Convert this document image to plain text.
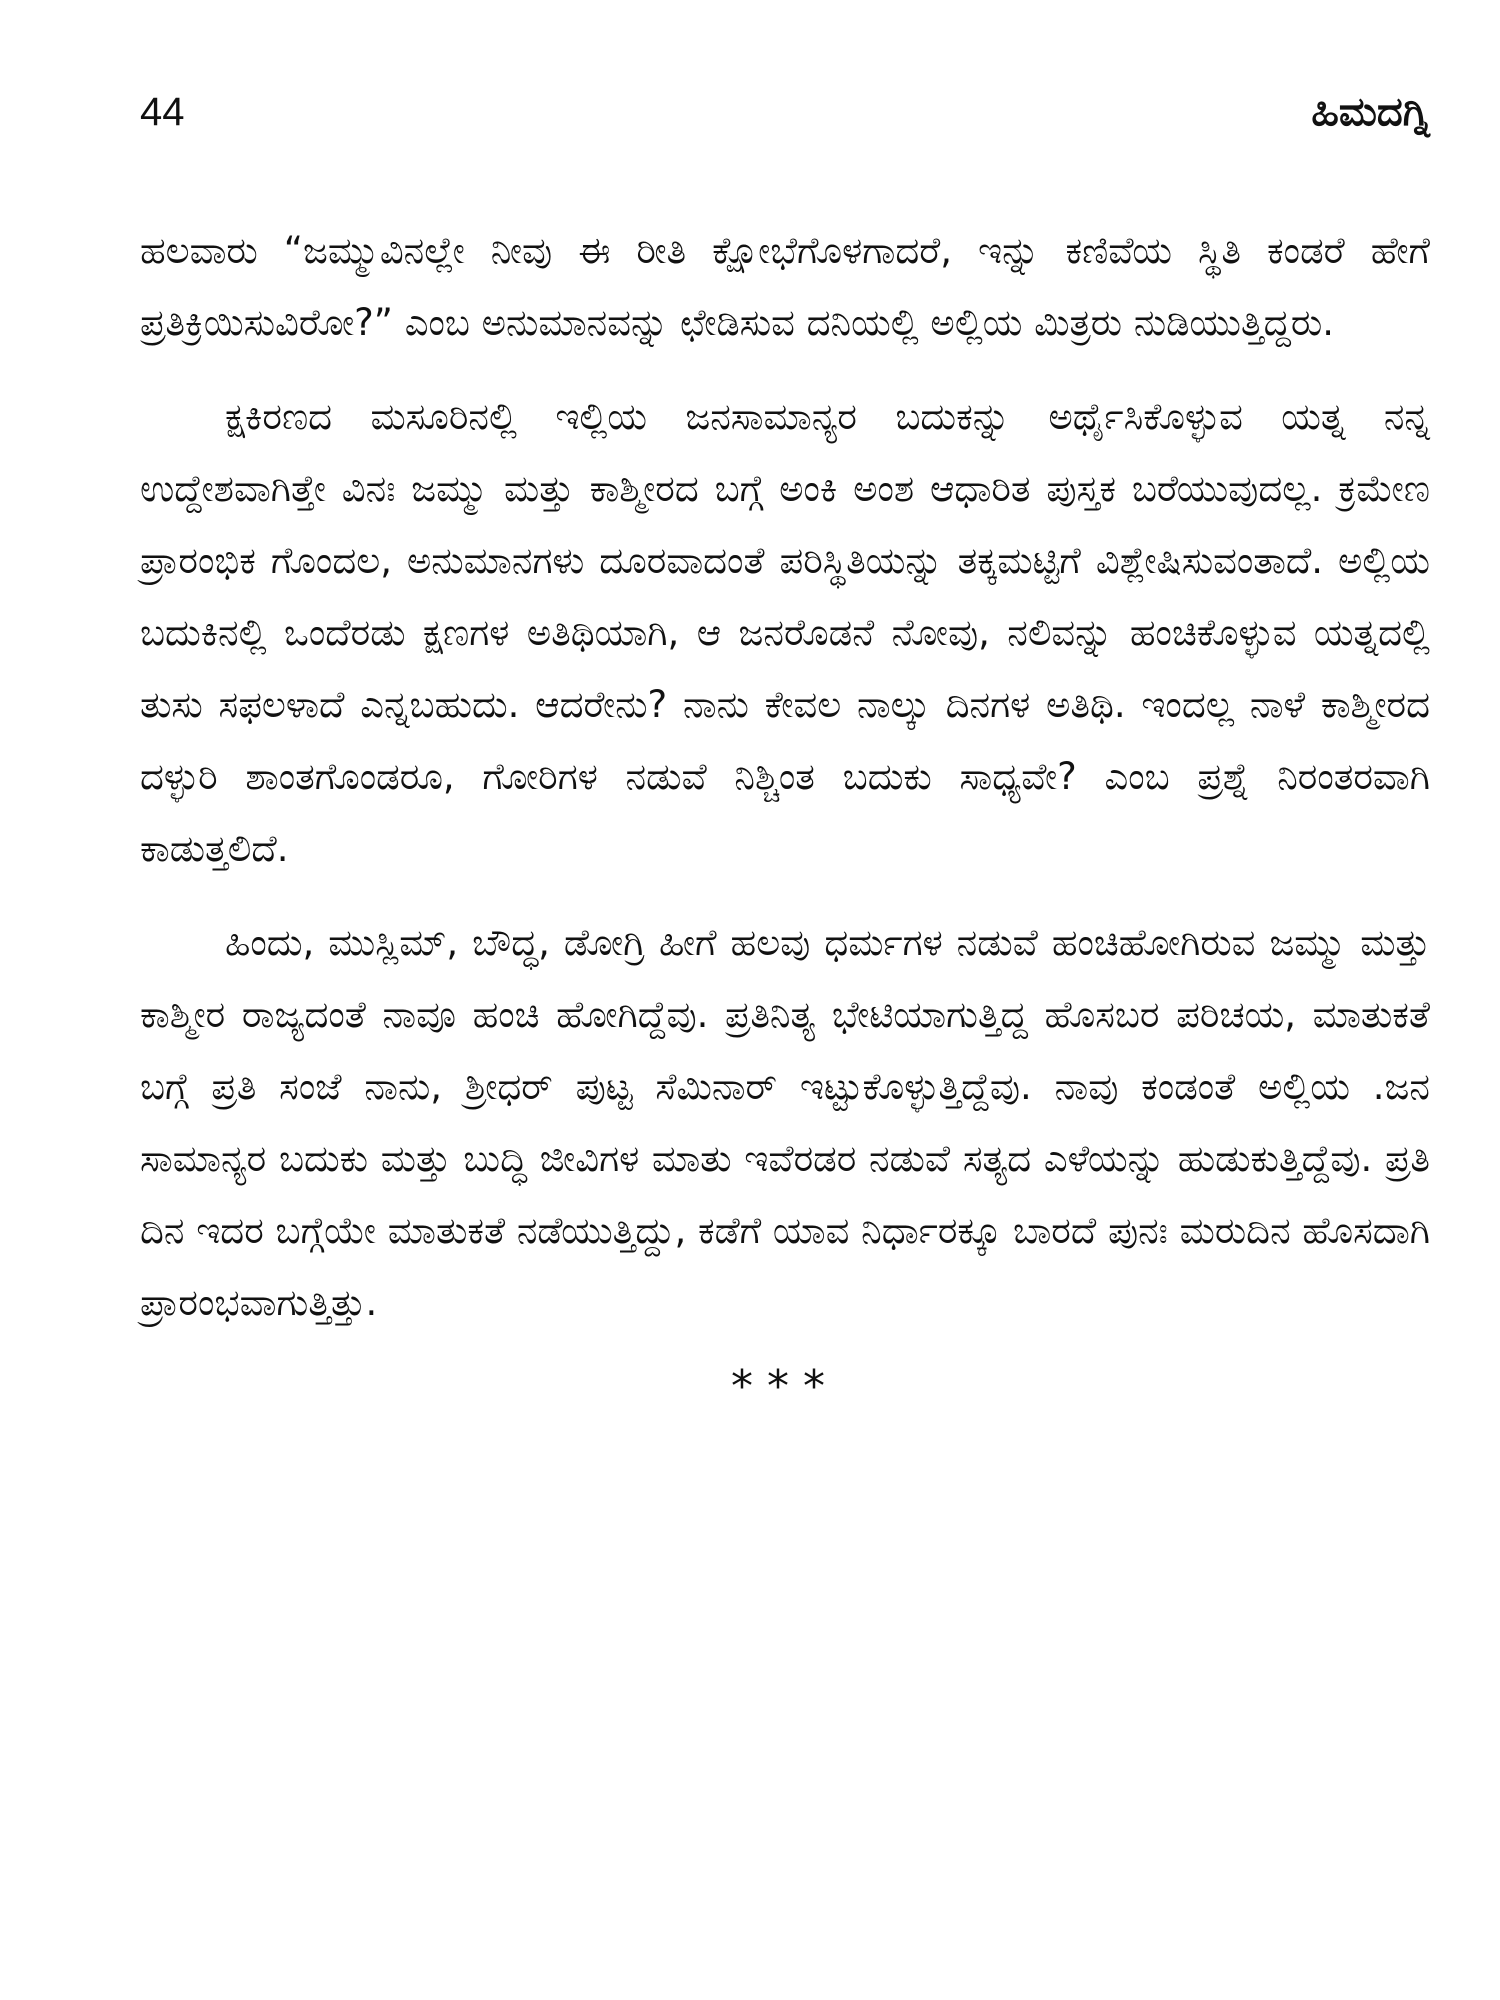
44	ಹಿಮದಗ್ನಿ

ಹಲವಾರು “ಜಮ್ಮುವಿನಲ್ಲೇ ನೀವು ಈ ರೀತಿ ಕ್ಷೋಭೆಗೊಳಗಾದರೆ, ಇನ್ನು ಕಣಿವೆಯ ಸ್ಥಿತಿ ಕಂಡರೆ ಹೇಗೆ ಪ್ರತಿಕ್ರಿಯಿಸುವಿರೋ?” ಎಂಬ ಅನುಮಾನವನ್ನು ಛೇಡಿಸುವ ದನಿಯಲ್ಲಿ ಅಲ್ಲಿಯ ಮಿತ್ರರು ನುಡಿಯುತ್ತಿದ್ದರು.

ಕ್ಷಕಿರಣದ ಮಸೂರಿನಲ್ಲಿ ಇಲ್ಲಿಯ ಜನಸಾಮಾನ್ಯರ ಬದುಕನ್ನು ಅರ್ಥೈಸಿಕೊಳ್ಳುವ ಯತ್ನ ನನ್ನ ಉದ್ದೇಶವಾಗಿತ್ತೇ ವಿನಃ ಜಮ್ಮು ಮತ್ತು ಕಾಶ್ಮೀರದ ಬಗ್ಗೆ ಅಂಕಿ ಅಂಶ ಆಧಾರಿತ ಪುಸ್ತಕ ಬರೆಯುವುದಲ್ಲ. ಕ್ರಮೇಣ ಪ್ರಾರಂಭಿಕ ಗೊಂದಲ, ಅನುಮಾನಗಳು ದೂರವಾದಂತೆ ಪರಿಸ್ಥಿತಿಯನ್ನು ತಕ್ಕಮಟ್ಟಿಗೆ ವಿಶ್ಲೇಷಿಸುವಂತಾದೆ. ಅಲ್ಲಿಯ ಬದುಕಿನಲ್ಲಿ ಒಂದೆರಡು ಕ್ಷಣಗಳ ಅತಿಥಿಯಾಗಿ, ಆ ಜನರೊಡನೆ ನೋವು, ನಲಿವನ್ನು ಹಂಚಿಕೊಳ್ಳುವ ಯತ್ನದಲ್ಲಿ ತುಸು ಸಫಲಳಾದೆ ಎನ್ನಬಹುದು. ಆದರೇನು? ನಾನು ಕೇವಲ ನಾಲ್ಕು ದಿನಗಳ ಅತಿಥಿ. ಇಂದಲ್ಲ ನಾಳೆ ಕಾಶ್ಮೀರದ ದಳ್ಳುರಿ ಶಾಂತಗೊಂಡರೂ, ಗೋರಿಗಳ ನಡುವೆ ನಿಶ್ಚಿಂತ ಬದುಕು ಸಾಧ್ಯವೇ? ಎಂಬ ಪ್ರಶ್ನೆ ನಿರಂತರವಾಗಿ ಕಾಡುತ್ತಲಿದೆ.

ಹಿಂದು, ಮುಸ್ಲಿಮ್, ಬೌದ್ಧ, ಡೋಗ್ರಿ ಹೀಗೆ ಹಲವು ಧರ್ಮಗಳ ನಡುವೆ ಹಂಚಿಹೋಗಿರುವ ಜಮ್ಮು ಮತ್ತು ಕಾಶ್ಮೀರ ರಾಜ್ಯದಂತೆ ನಾವೂ ಹಂಚಿ ಹೋಗಿದ್ದೆವು. ಪ್ರತಿನಿತ್ಯ ಭೇಟಿಯಾಗುತ್ತಿದ್ದ ಹೊಸಬರ ಪರಿಚಯ, ಮಾತುಕತೆ ಬಗ್ಗೆ ಪ್ರತಿ ಸಂಜೆ ನಾನು, ಶ್ರೀಧರ್ ಪುಟ್ಟ ಸೆಮಿನಾರ್ ಇಟ್ಟುಕೊಳ್ಳುತ್ತಿದ್ದೆವು. ನಾವು ಕಂಡಂತೆ ಅಲ್ಲಿಯ .ಜನ ಸಾಮಾನ್ಯರ ಬದುಕು ಮತ್ತು ಬುದ್ಧಿ ಜೀವಿಗಳ ಮಾತು ಇವೆರಡರ ನಡುವೆ ಸತ್ಯದ ಎಳೆಯನ್ನು ಹುಡುಕುತ್ತಿದ್ದೆವು. ಪ್ರತಿ ದಿನ ಇದರ ಬಗ್ಗೆಯೇ ಮಾತುಕತೆ ನಡೆಯುತ್ತಿದ್ದು, ಕಡೆಗೆ ಯಾವ ನಿರ್ಧಾರಕ್ಕೂ ಬಾರದೆ ಪುನಃ ಮರುದಿನ ಹೊಸದಾಗಿ ಪ್ರಾರಂಭವಾಗುತ್ತಿತ್ತು.

***
